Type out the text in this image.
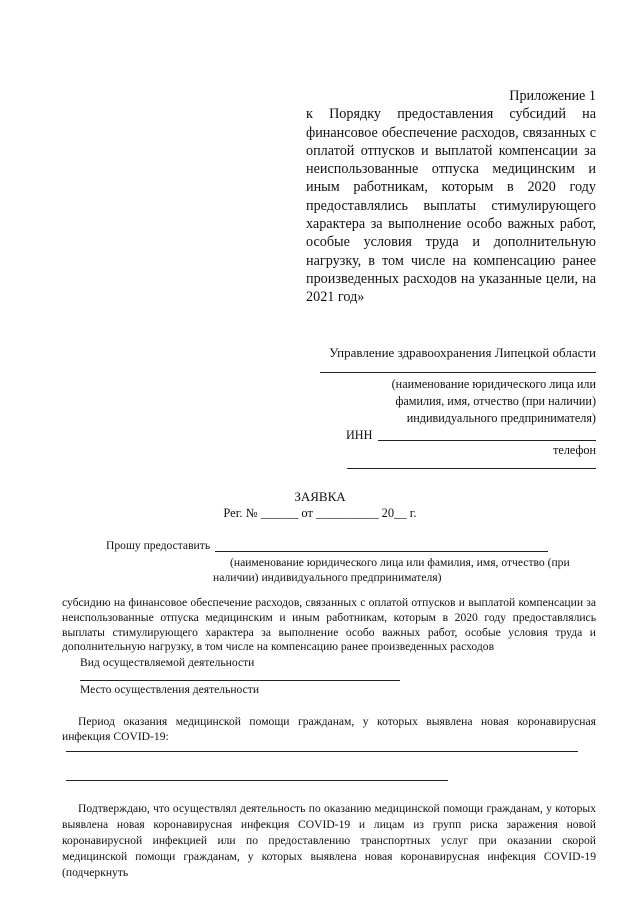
Приложение 1
к Порядку предоставления субсидий на финансовое обеспечение расходов, связанных с оплатой отпусков и выплатой компенсации за неиспользованные отпуска медицинским и иным работникам, которым в 2020 году предоставлялись выплаты стимулирующего характера за выполнение особо важных работ, особые условия труда и дополнительную нагрузку, в том числе на компенсацию ранее произведенных расходов на указанные цели, на 2021 год»
Управление здравоохранения Липецкой области
(наименование юридического лица или
фамилия, имя, отчество (при наличии)
индивидуального предпринимателя)
ИНН
телефон
ЗАЯВКА
Рег. № ______ от __________ 20__ г.
Прошу предоставить
(наименование юридического лица или фамилия, имя, отчество (при
наличии) индивидуального предпринимателя)
субсидию на финансовое обеспечение расходов, связанных с оплатой отпусков и выплатой компенсации за неиспользованные отпуска медицинским и иным работникам, которым в 2020 году предоставлялись выплаты стимулирующего характера за выполнение особо важных работ, особые условия труда и дополнительную нагрузку, в том числе на компенсацию ранее произведенных расходов
Вид осуществляемой деятельности
Место осуществления деятельности
Период оказания медицинской помощи гражданам, у которых выявлена новая коронавирусная инфекция COVID-19:
Подтверждаю, что осуществлял деятельность по оказанию медицинской помощи гражданам, у которых выявлена новая коронавирусная инфекция COVID-19 и лицам из групп риска заражения новой коронавирусной инфекцией или по предоставлению транспортных услуг при оказании скорой медицинской помощи гражданам, у которых выявлена новая коронавирусная инфекция COVID-19 (подчеркнуть
